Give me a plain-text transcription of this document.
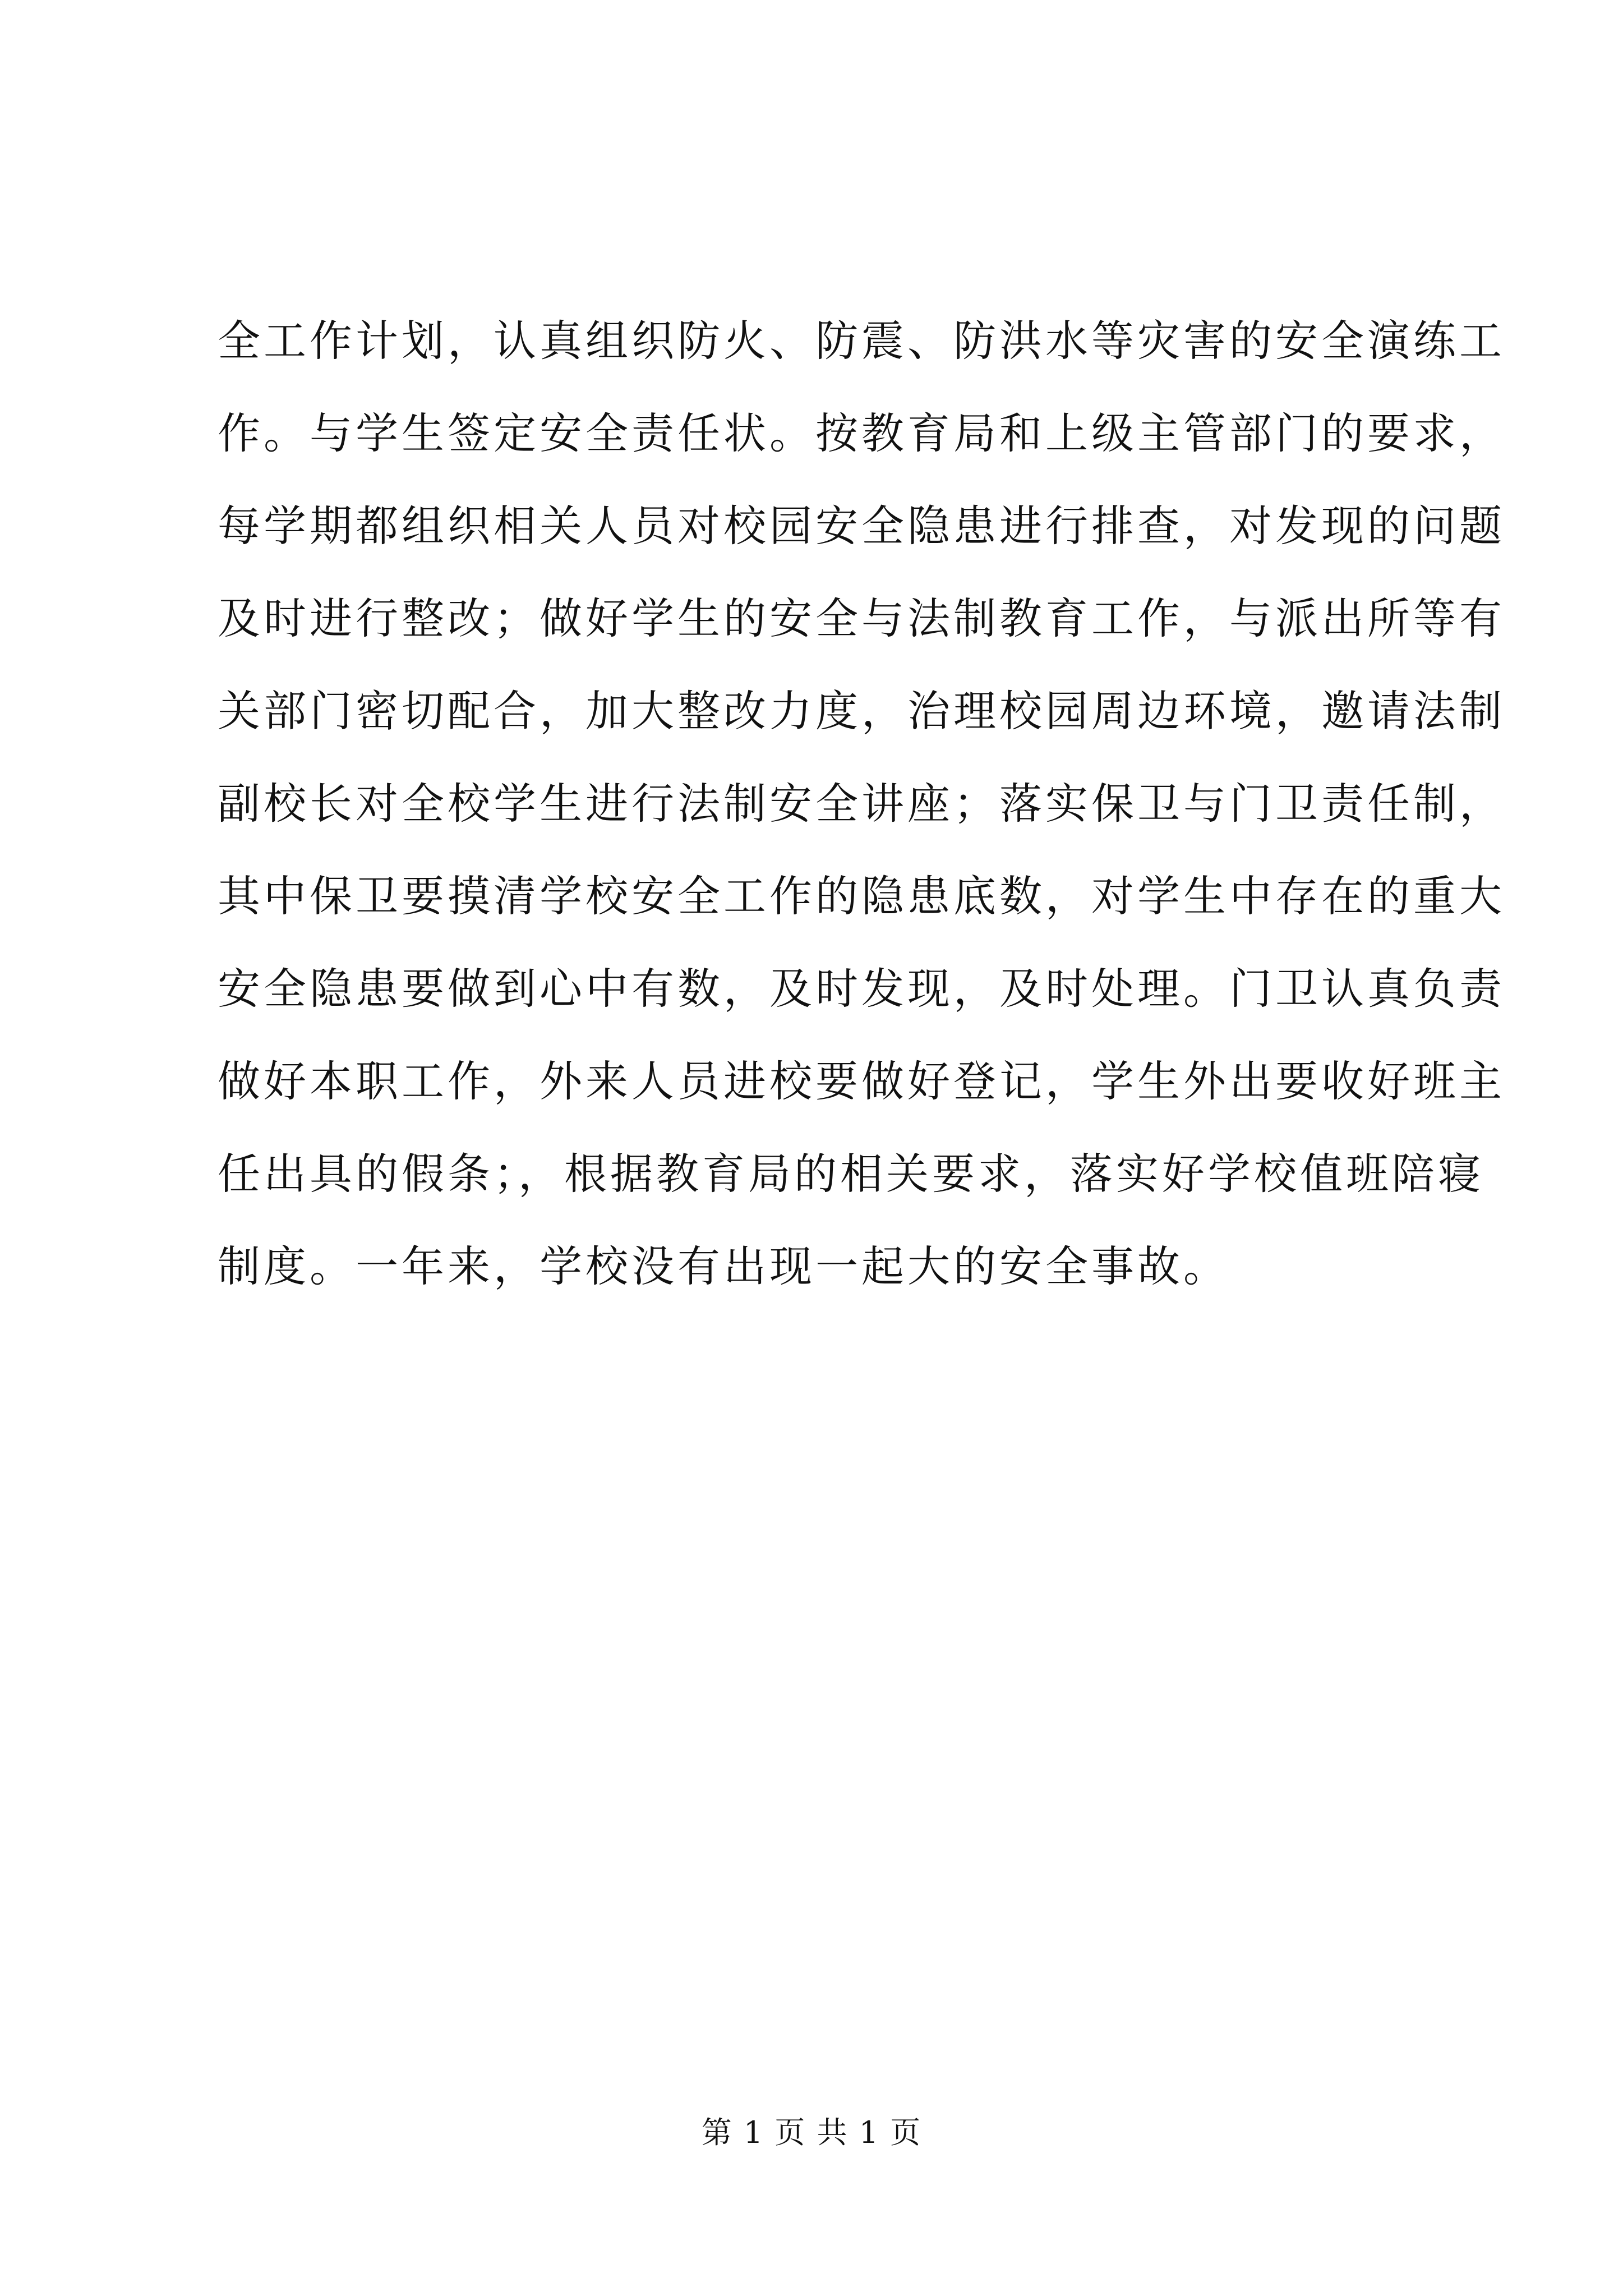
全工作计划，认真组织防火、防震、防洪水等灾害的安全演练工
作。与学生签定安全责任状。按教育局和上级主管部门的要求，
每学期都组织相关人员对校园安全隐患进行排查，对发现的问题
及时进行整改；做好学生的安全与法制教育工作，与派出所等有
关部门密切配合，加大整改力度，治理校园周边环境，邀请法制
副校长对全校学生进行法制安全讲座；落实保卫与门卫责任制，
其中保卫要摸清学校安全工作的隐患底数，对学生中存在的重大
安全隐患要做到心中有数，及时发现，及时处理。门卫认真负责
做好本职工作，外来人员进校要做好登记，学生外出要收好班主
任出具的假条；，根据教育局的相关要求，落实好学校值班陪寝
制度。一年来，学校没有出现一起大的安全事故。
第 1 页 共 1 页
